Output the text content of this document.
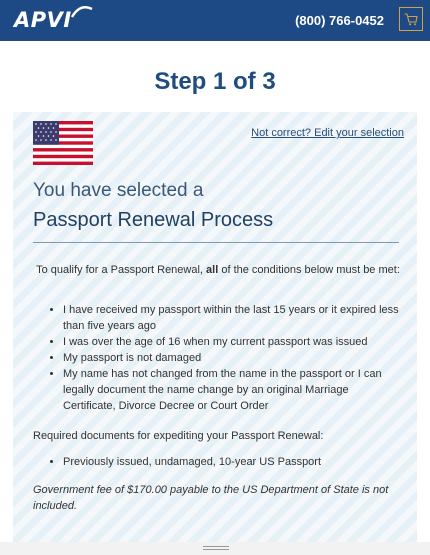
APVI	(800) 766-0452
Step 1 of 3
Not correct? Edit your selection
You have selected a
Passport Renewal Process
To qualify for a Passport Renewal, all of the conditions below must be met:
• I have received my passport within the last 15 years or it expired less than five years ago
• I was over the age of 16 when my current passport was issued
• My passport is not damaged
• My name has not changed from the name in the passport or I can legally document the name change by an original Marriage Certificate, Divorce Decree or Court Order
Required documents for expediting your Passport Renewal:
• Previously issued, undamaged, 10-year US Passport
Government fee of $170.00 payable to the US Department of State is not included.
